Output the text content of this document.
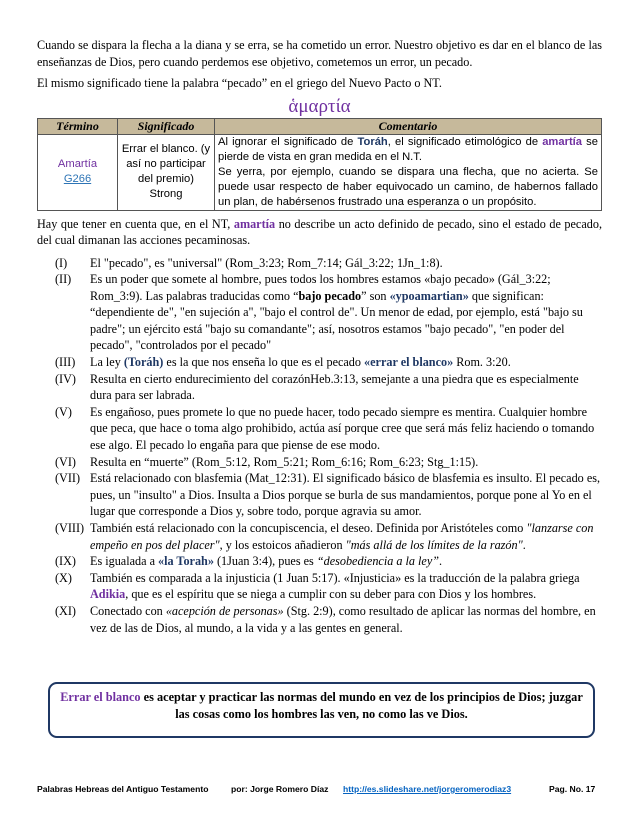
Cuando se dispara la flecha a la diana y se erra, se ha cometido un error. Nuestro objetivo es dar en el blanco de las enseñanzas de Dios, pero cuando perdemos ese objetivo, cometemos un error, un pecado.

El mismo significado tiene la palabra “pecado” en el griego del Nuevo Pacto o NT.

ἁμαρτία
Término	Significado	Comentario
Amartía
G266	Errar el blanco. (y así no participar del premio) Strong	Al ignorar el significado de Toráh, el significado etimológico de amartía se pierde de vista en gran medida en el N.T.
Se yerra, por ejemplo, cuando se dispara una flecha, que no acierta. Se puede usar respecto de haber equivocado un camino, de habernos fallado un plan, de habérsenos frustrado una esperanza o un propósito.

Hay que tener en cuenta que, en el NT, amartía no describe un acto definido de pecado, sino el estado de pecado, del cual dimanan las acciones pecaminosas.

(I)	El "pecado", es "universal" (Rom_3:23; Rom_7:14; Gál_3:22; 1Jn_1:8).
(II)	Es un poder que somete al hombre, pues todos los hombres estamos «bajo pecado» (Gál_3:22; Rom_3:9). Las palabras traducidas como “bajo pecado” son «ypoamartian» que significan: “dependiente de", "en sujeción a", "bajo el control de". Un menor de edad, por ejemplo, está "bajo su padre"; un ejército está "bajo su comandante"; así, nosotros estamos "bajo pecado", "en poder del pecado", "controlados por el pecado"
(III)	La ley (Toráh) es la que nos enseña lo que es el pecado «errar el blanco» Rom. 3:20.
(IV)	Resulta en cierto endurecimiento del corazónHeb.3:13, semejante a una piedra que es especialmente dura para ser labrada.
(V)	Es engañoso, pues promete lo que no puede hacer, todo pecado siempre es mentira. Cualquier hombre que peca, que hace o toma algo prohibido, actúa así porque cree que será más feliz haciendo o tomando ese algo. El pecado lo engaña para que piense de ese modo.
(VI)	Resulta en “muerte” (Rom_5:12, Rom_5:21; Rom_6:16; Rom_6:23; Stg_1:15).
(VII) Está relacionado con blasfemia (Mat_12:31). El significado básico de blasfemia es insulto. El pecado es, pues, un "insulto" a Dios. Insulta a Dios porque se burla de sus mandamientos, porque pone al Yo en el lugar que corresponde a Dios y, sobre todo, porque agravia su amor.
(VIII) También está relacionado con la concupiscencia, el deseo. Definida por Aristóteles como "lanzarse con empeño en pos del placer", y los estoicos añadieron "más allá de los límites de la razón".
(IX)	Es igualada a «la Torah» (1Juan 3:4), pues es “desobediencia a la ley”.
(X)	También es comparada a la injusticia (1 Juan 5:17). «Injusticia» es la traducción de la palabra griega Adikia, que es el espíritu que se niega a cumplir con su deber para con Dios y los hombres.
(XI)	Conectado con «acepción de personas» (Stg. 2:9), como resultado de aplicar las normas del hombre, en vez de las de Dios, al mundo, a la vida y a las gentes en general.
Errar el blanco es aceptar y practicar las normas del mundo en vez de los principios de Dios; juzgar las cosas como los hombres las ven, no como las ve Dios.
Palabras Hebreas del Antiguo Testamento	por: Jorge Romero Díaz http://es.slideshare.net/jorgeromerodiaz3	Pag. No. 17
